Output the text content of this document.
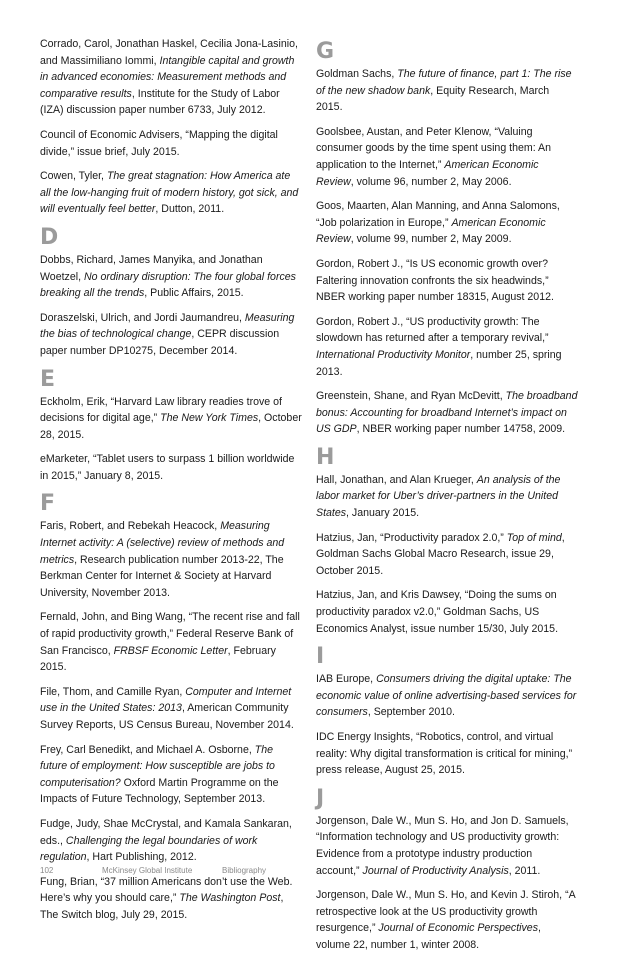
Corrado, Carol, Jonathan Haskel, Cecilia Jona-Lasinio, and Massimiliano Iommi, Intangible capital and growth in advanced economies: Measurement methods and comparative results, Institute for the Study of Labor (IZA) discussion paper number 6733, July 2012.

Council of Economic Advisers, “Mapping the digital divide,” issue brief, July 2015.

Cowen, Tyler, The great stagnation: How America ate all the low-hanging fruit of modern history, got sick, and will eventually feel better, Dutton, 2011.

D

Dobbs, Richard, James Manyika, and Jonathan Woetzel, No ordinary disruption: The four global forces breaking all the trends, Public Affairs, 2015.

Doraszelski, Ulrich, and Jordi Jaumandreu, Measuring the bias of technological change, CEPR discussion paper number DP10275, December 2014.

E

Eckholm, Erik, “Harvard Law library readies trove of decisions for digital age,” The New York Times, October 28, 2015.

eMarketer, “Tablet users to surpass 1 billion worldwide in 2015,” January 8, 2015.

F

Faris, Robert, and Rebekah Heacock, Measuring Internet activity: A (selective) review of methods and metrics, Research publication number 2013-22, The Berkman Center for Internet & Society at Harvard University, November 2013.

Fernald, John, and Bing Wang, “The recent rise and fall of rapid productivity growth,” Federal Reserve Bank of San Francisco, FRBSF Economic Letter, February 2015.

File, Thom, and Camille Ryan, Computer and Internet use in the United States: 2013, American Community Survey Reports, US Census Bureau, November 2014.

Frey, Carl Benedikt, and Michael A. Osborne, The future of employment: How susceptible are jobs to computerisation? Oxford Martin Programme on the Impacts of Future Technology, September 2013.

Fudge, Judy, Shae McCrystal, and Kamala Sankaran, eds., Challenging the legal boundaries of work regulation, Hart Publishing, 2012.

Fung, Brian, “37 million Americans don’t use the Web. Here’s why you should care,” The Washington Post, The Switch blog, July 29, 2015.

G

Goldman Sachs, The future of finance, part 1: The rise of the new shadow bank, Equity Research, March 2015.

Goolsbee, Austan, and Peter Klenow, “Valuing consumer goods by the time spent using them: An application to the Internet,” American Economic Review, volume 96, number 2, May 2006.

Goos, Maarten, Alan Manning, and Anna Salomons, “Job polarization in Europe,” American Economic Review, volume 99, number 2, May 2009.

Gordon, Robert J., “Is US economic growth over? Faltering innovation confronts the six headwinds,” NBER working paper number 18315, August 2012.

Gordon, Robert J., “US productivity growth: The slowdown has returned after a temporary revival,” International Productivity Monitor, number 25, spring 2013.

Greenstein, Shane, and Ryan McDevitt, The broadband bonus: Accounting for broadband Internet’s impact on US GDP, NBER working paper number 14758, 2009.

H

Hall, Jonathan, and Alan Krueger, An analysis of the labor market for Uber’s driver-partners in the United States, January 2015.

Hatzius, Jan, “Productivity paradox 2.0,” Top of mind, Goldman Sachs Global Macro Research, issue 29, October 2015.

Hatzius, Jan, and Kris Dawsey, “Doing the sums on productivity paradox v2.0,” Goldman Sachs, US Economics Analyst, issue number 15/30, July 2015.

I

IAB Europe, Consumers driving the digital uptake: The economic value of online advertising-based services for consumers, September 2010.

IDC Energy Insights, “Robotics, control, and virtual reality: Why digital transformation is critical for mining,” press release, August 25, 2015.

J

Jorgenson, Dale W., Mun S. Ho, and Jon D. Samuels, “Information technology and US productivity growth: Evidence from a prototype industry production account,” Journal of Productivity Analysis, 2011.

Jorgenson, Dale W., Mun S. Ho, and Kevin J. Stiroh, “A retrospective look at the US productivity growth resurgence,” Journal of Economic Perspectives, volume 22, number 1, winter 2008.

102	McKinsey Global Institute	Bibliography
